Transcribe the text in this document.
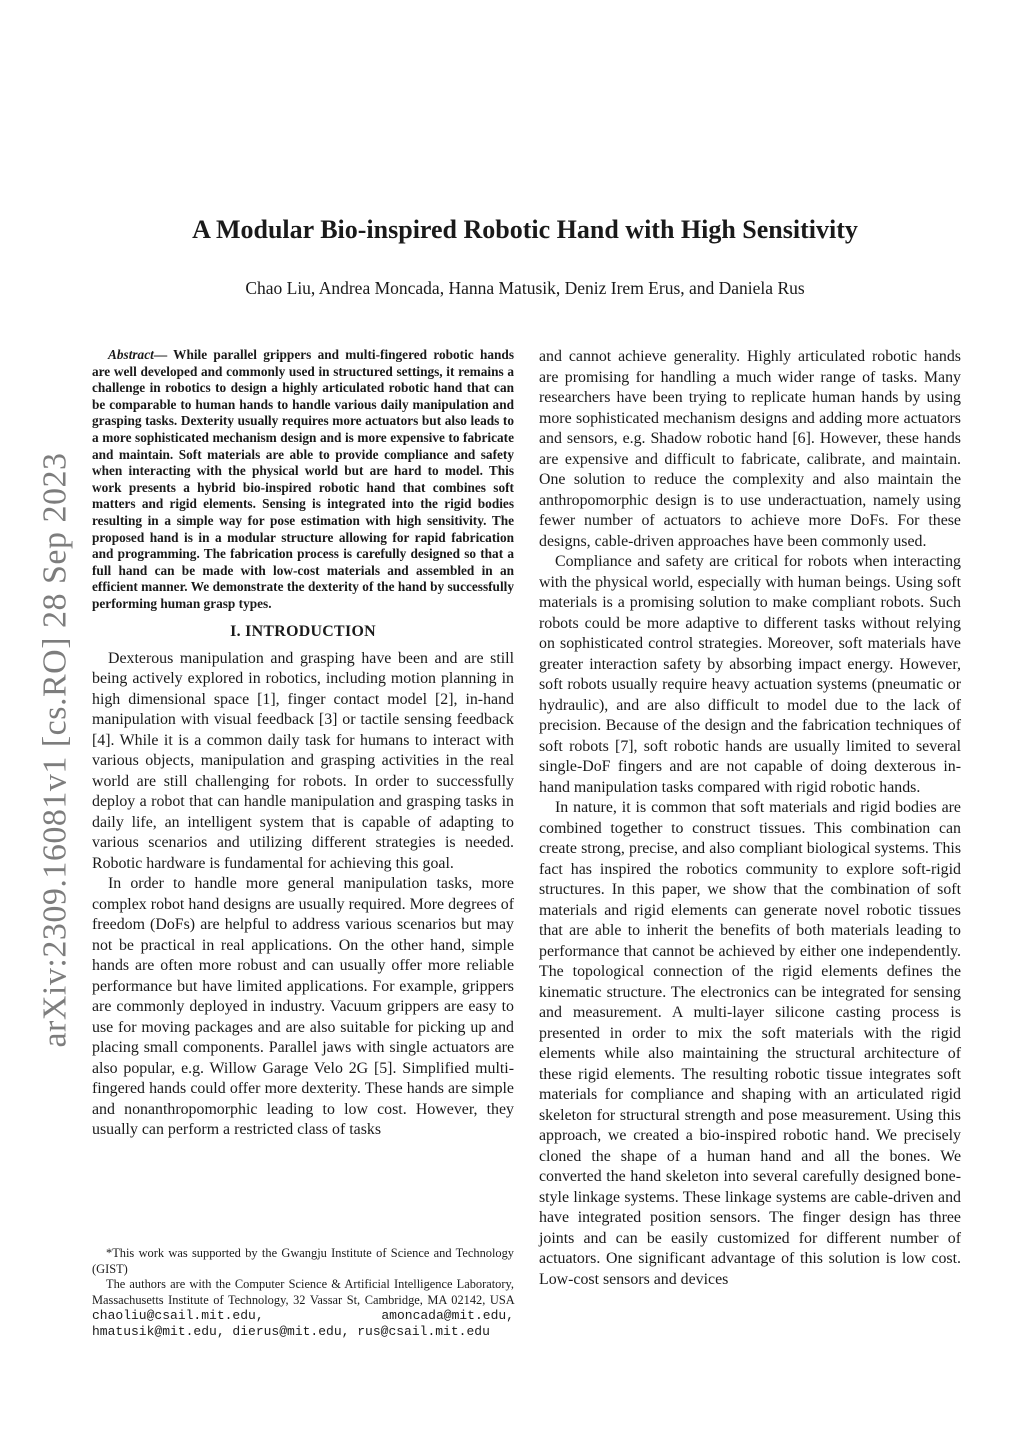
arXiv:2309.16081v1 [cs.RO] 28 Sep 2023
A Modular Bio-inspired Robotic Hand with High Sensitivity

Chao Liu, Andrea Moncada, Hanna Matusik, Deniz Irem Erus, and Daniela Rus

Abstract— While parallel grippers and multi-fingered robotic hands are well developed and commonly used in structured settings, it remains a challenge in robotics to design a highly articulated robotic hand that can be comparable to human hands to handle various daily manipulation and grasping tasks. Dexterity usually requires more actuators but also leads to a more sophisticated mechanism design and is more expensive to fabricate and maintain. Soft materials are able to provide compliance and safety when interacting with the physical world but are hard to model. This work presents a hybrid bio-inspired robotic hand that combines soft matters and rigid elements. Sensing is integrated into the rigid bodies resulting in a simple way for pose estimation with high sensitivity. The proposed hand is in a modular structure allowing for rapid fabrication and programming. The fabrication process is carefully designed so that a full hand can be made with low-cost materials and assembled in an efficient manner. We demonstrate the dexterity of the hand by successfully performing human grasp types.

I. INTRODUCTION

Dexterous manipulation and grasping have been and are still being actively explored in robotics, including motion planning in high dimensional space [1], finger contact model [2], in-hand manipulation with visual feedback [3] or tactile sensing feedback [4]. While it is a common daily task for humans to interact with various objects, manipulation and grasping activities in the real world are still challenging for robots. In order to successfully deploy a robot that can handle manipulation and grasping tasks in daily life, an intelligent system that is capable of adapting to various scenarios and utilizing different strategies is needed. Robotic hardware is fundamental for achieving this goal.

In order to handle more general manipulation tasks, more complex robot hand designs are usually required. More degrees of freedom (DoFs) are helpful to address various scenarios but may not be practical in real applications. On the other hand, simple hands are often more robust and can usually offer more reliable performance but have limited applications. For example, grippers are commonly deployed in industry. Vacuum grippers are easy to use for moving packages and are also suitable for picking up and placing small components. Parallel jaws with single actuators are also popular, e.g. Willow Garage Velo 2G [5]. Simplified multi-fingered hands could offer more dexterity. These hands are simple and nonanthropomorphic leading to low cost. However, they usually can perform a restricted class of tasks

*This work was supported by the Gwangju Institute of Science and Technology (GIST)

The authors are with the Computer Science & Artificial Intelligence Laboratory, Massachusetts Institute of Technology, 32 Vassar St, Cambridge, MA 02142, USA chaoliu@csail.mit.edu, amoncada@mit.edu, hmatusik@mit.edu, dierus@mit.edu, rus@csail.mit.edu

and cannot achieve generality. Highly articulated robotic hands are promising for handling a much wider range of tasks. Many researchers have been trying to replicate human hands by using more sophisticated mechanism designs and adding more actuators and sensors, e.g. Shadow robotic hand [6]. However, these hands are expensive and difficult to fabricate, calibrate, and maintain. One solution to reduce the complexity and also maintain the anthropomorphic design is to use underactuation, namely using fewer number of actuators to achieve more DoFs. For these designs, cable-driven approaches have been commonly used.

Compliance and safety are critical for robots when interacting with the physical world, especially with human beings. Using soft materials is a promising solution to make compliant robots. Such robots could be more adaptive to different tasks without relying on sophisticated control strategies. Moreover, soft materials have greater interaction safety by absorbing impact energy. However, soft robots usually require heavy actuation systems (pneumatic or hydraulic), and are also difficult to model due to the lack of precision. Because of the design and the fabrication techniques of soft robots [7], soft robotic hands are usually limited to several single-DoF fingers and are not capable of doing dexterous in-hand manipulation tasks compared with rigid robotic hands.

In nature, it is common that soft materials and rigid bodies are combined together to construct tissues. This combination can create strong, precise, and also compliant biological systems. This fact has inspired the robotics community to explore soft-rigid structures. In this paper, we show that the combination of soft materials and rigid elements can generate novel robotic tissues that are able to inherit the benefits of both materials leading to performance that cannot be achieved by either one independently. The topological connection of the rigid elements defines the kinematic structure. The electronics can be integrated for sensing and measurement. A multi-layer silicone casting process is presented in order to mix the soft materials with the rigid elements while also maintaining the structural architecture of these rigid elements. The resulting robotic tissue integrates soft materials for compliance and shaping with an articulated rigid skeleton for structural strength and pose measurement. Using this approach, we created a bio-inspired robotic hand. We precisely cloned the shape of a human hand and all the bones. We converted the hand skeleton into several carefully designed bone-style linkage systems. These linkage systems are cable-driven and have integrated position sensors. The finger design has three joints and can be easily customized for different number of actuators. One significant advantage of this solution is low cost. Low-cost sensors and devices
